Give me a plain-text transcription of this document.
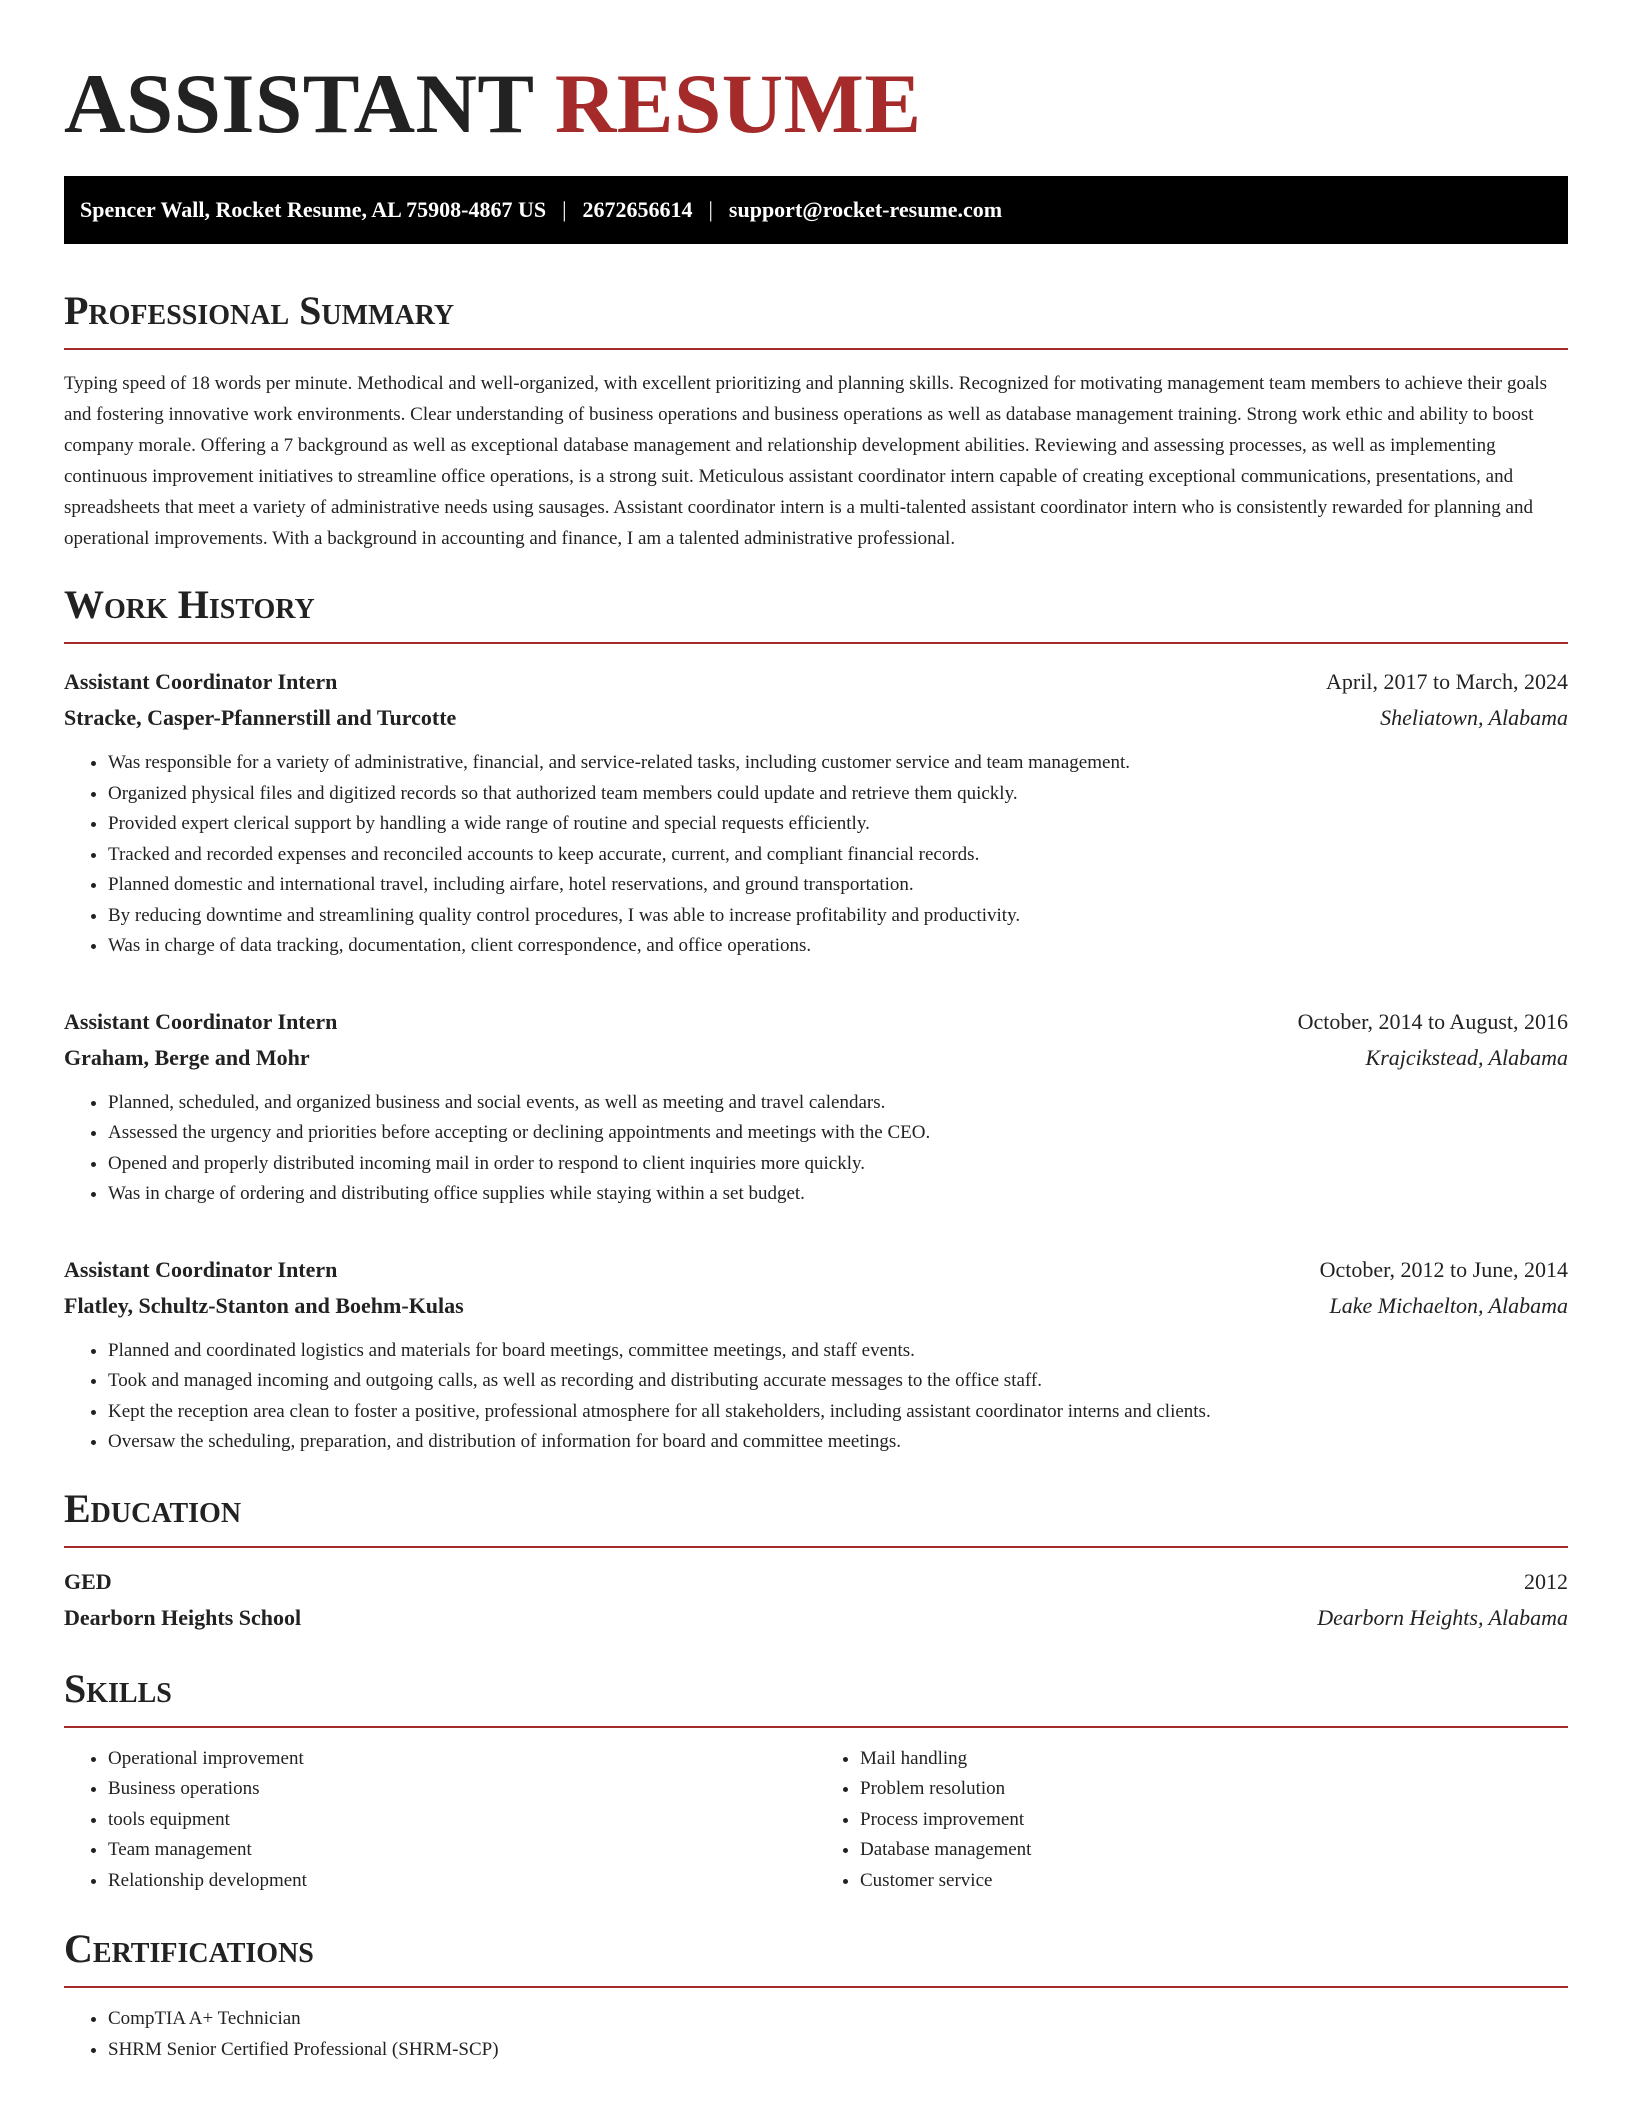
ASSISTANT RESUME
Spencer Wall, Rocket Resume, AL 75908-4867 US | 2672656614 | support@rocket-resume.com
Professional Summary

Typing speed of 18 words per minute. Methodical and well-organized, with excellent prioritizing and planning skills. Recognized for motivating management team members to achieve their goals and fostering innovative work environments. Clear understanding of business operations and business operations as well as database management training. Strong work ethic and ability to boost company morale. Offering a 7 background as well as exceptional database management and relationship development abilities. Reviewing and assessing processes, as well as implementing continuous improvement initiatives to streamline office operations, is a strong suit. Meticulous assistant coordinator intern capable of creating exceptional communications, presentations, and spreadsheets that meet a variety of administrative needs using sausages. Assistant coordinator intern is a multi-talented assistant coordinator intern who is consistently rewarded for planning and operational improvements. With a background in accounting and finance, I am a talented administrative professional.

Work History
Assistant Coordinator Intern	April, 2017 to March, 2024
Stracke, Casper-Pfannerstill and Turcotte	Sheliatown, Alabama
• Was responsible for a variety of administrative, financial, and service-related tasks, including customer service and team management.
• Organized physical files and digitized records so that authorized team members could update and retrieve them quickly.
• Provided expert clerical support by handling a wide range of routine and special requests efficiently.
• Tracked and recorded expenses and reconciled accounts to keep accurate, current, and compliant financial records.
• Planned domestic and international travel, including airfare, hotel reservations, and ground transportation.
• By reducing downtime and streamlining quality control procedures, I was able to increase profitability and productivity.
• Was in charge of data tracking, documentation, client correspondence, and office operations.
Assistant Coordinator Intern	October, 2014 to August, 2016
Graham, Berge and Mohr	Krajcikstead, Alabama
• Planned, scheduled, and organized business and social events, as well as meeting and travel calendars.
• Assessed the urgency and priorities before accepting or declining appointments and meetings with the CEO.
• Opened and properly distributed incoming mail in order to respond to client inquiries more quickly.
• Was in charge of ordering and distributing office supplies while staying within a set budget.
Assistant Coordinator Intern	October, 2012 to June, 2014
Flatley, Schultz-Stanton and Boehm-Kulas	Lake Michaelton, Alabama
• Planned and coordinated logistics and materials for board meetings, committee meetings, and staff events.
• Took and managed incoming and outgoing calls, as well as recording and distributing accurate messages to the office staff.
• Kept the reception area clean to foster a positive, professional atmosphere for all stakeholders, including assistant coordinator interns and clients.
• Oversaw the scheduling, preparation, and distribution of information for board and committee meetings.
Education
GED	2012
Dearborn Heights School	Dearborn Heights, Alabama
Skills
• Operational improvement
• Business operations
• tools equipment
• Team management
• Relationship development
• Mail handling
• Problem resolution
• Process improvement
• Database management
• Customer service
Certifications
• CompTIA A+ Technician
• SHRM Senior Certified Professional (SHRM-SCP)
